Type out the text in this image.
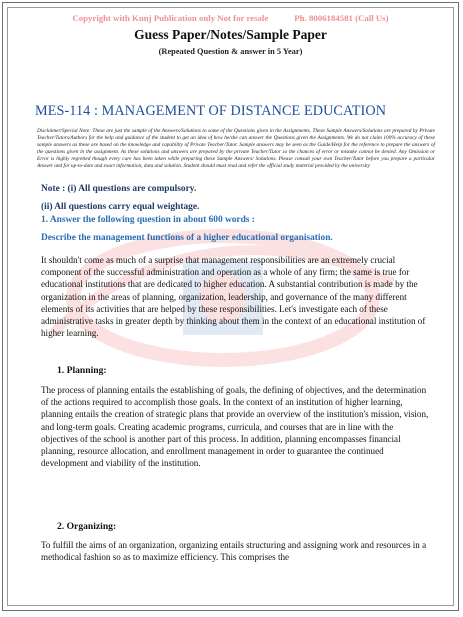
Copyright with Kunj Publication only Not for resale	Ph. 8006184581 (Call Us)
Guess Paper/Notes/Sample Paper
(Repeated Question & answer in 5 Year)
MES-114 : MANAGEMENT OF DISTANCE EDUCATION
Disclaimer/Special Note: These are just the sample of the Answers/Solutions to some of the Questions given in the Assignments. These Sample Answers/Solutions are prepared by Private Teacher/Tutors/Authors for the help and guidance of the student to get an idea of how he/she can answer the Questions given the Assignments. We do not claim 100% accuracy of these sample answers as these are based on the knowledge and capability of Private Teacher/Tutor. Sample answers may be seen as the Guide/Help for the reference to prepare the answers of the questions given in the assignment. As these solutions and answers are prepared by the private Teacher/Tutor so the chances of error or mistake cannot be denied. Any Omission or Error is highly regretted though every care has been taken while preparing these Sample Answers/ Solutions. Please consult your own Teacher/Tutor before you prepare a particular Answer and for up-to-date and exact information, data and solution. Student should must read and refer the official study material provided by the university
Note : (i) All questions are compulsory.
(ii) All questions carry equal weightage.
1. Answer the following question in about 600 words :
Describe the management functions of a higher educational organisation.
It shouldn't come as much of a surprise that management responsibilities are an extremely crucial component of the successful administration and operation as a whole of any firm; the same is true for educational institutions that are dedicated to higher education. A substantial contribution is made by the organization in the areas of planning, organization, leadership, and governance of the many different elements of its activities that are helped by these responsibilities. Let's investigate each of these administrative tasks in greater depth by thinking about them in the context of an educational institution of higher learning.
1. Planning:
The process of planning entails the establishing of goals, the defining of objectives, and the determination of the actions required to accomplish those goals. In the context of an institution of higher learning, planning entails the creation of strategic plans that provide an overview of the institution's mission, vision, and long-term goals. Creating academic programs, curricula, and courses that are in line with the objectives of the school is another part of this process. In addition, planning encompasses financial planning, resource allocation, and enrollment management in order to guarantee the continued development and viability of the institution.
2. Organizing:
To fulfill the aims of an organization, organizing entails structuring and assigning work and resources in a methodical fashion so as to maximize efficiency. This comprises the
